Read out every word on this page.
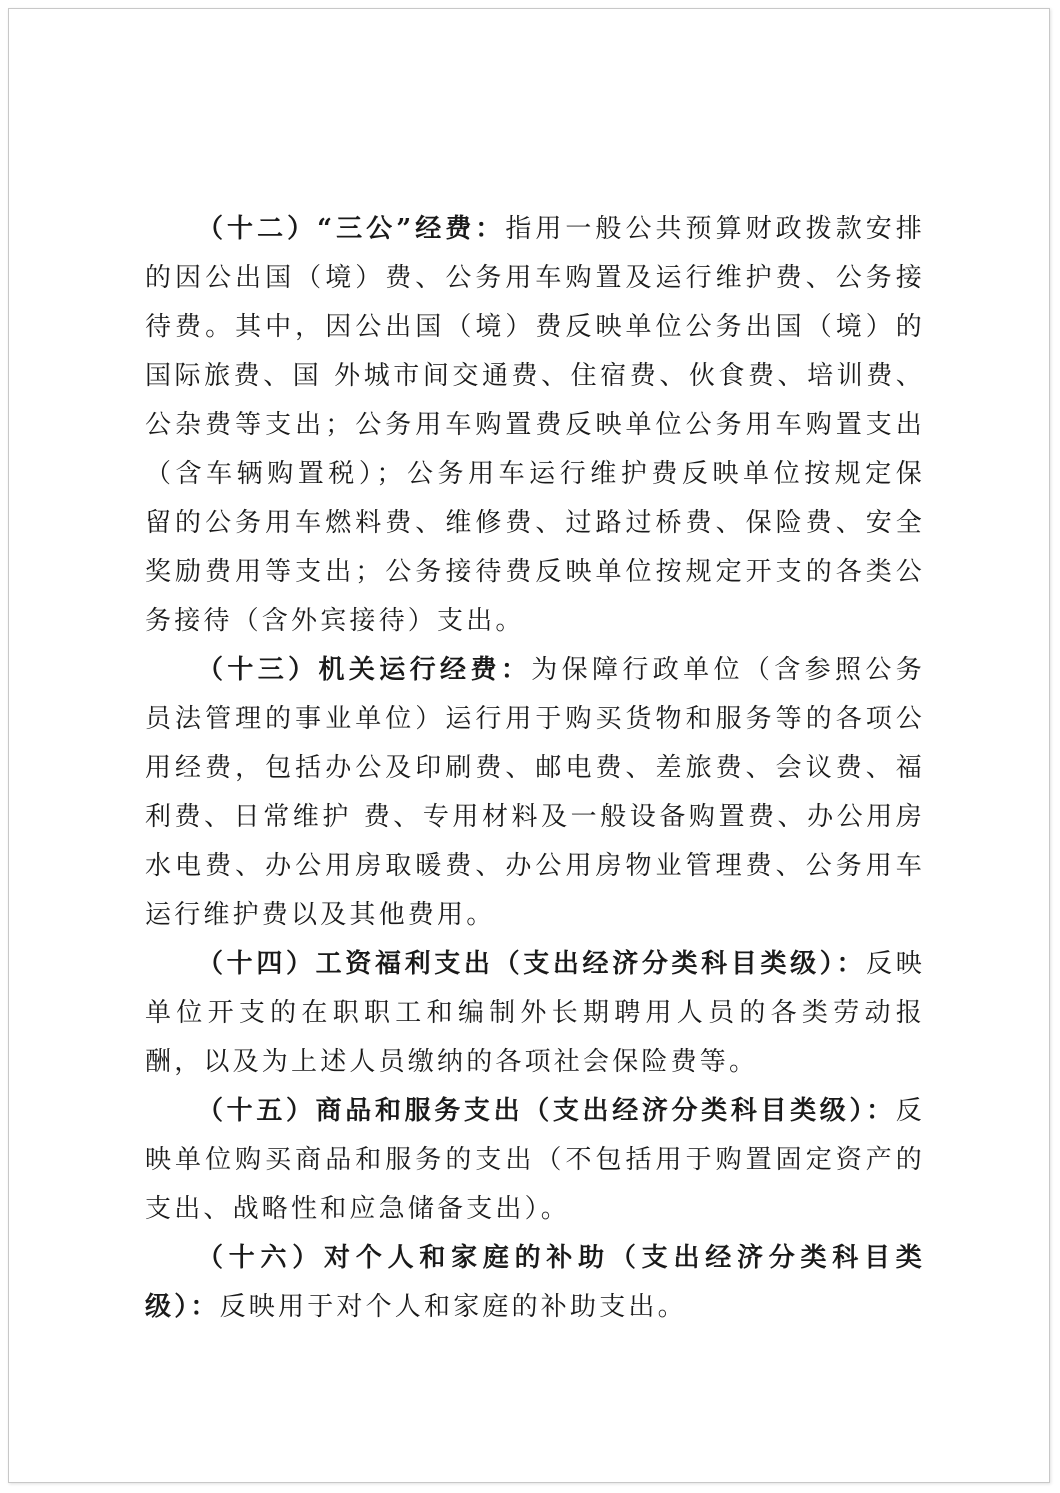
（十二）“三公”经费：指用一般公共预算财政拨款安排的因公出国（境）费、公务用车购置及运行维护费、公务接待费。其中，因公出国（境）费反映单位公务出国（境）的国际旅费、国 外城市间交通费、住宿费、伙食费、培训费、公杂费等支出；公务用车购置费反映单位公务用车购置支出（含车辆购置税）；公务用车运行维护费反映单位按规定保 留的公务用车燃料费、维修费、过路过桥费、保险费、安全奖励费用等支出；公务接待费反映单位按规定开支的各类公务接待（含外宾接待）支出。

（十三）机关运行经费：为保障行政单位（含参照公务员法管理的事业单位）运行用于购买货物和服务等的各项公用经费，包括办公及印刷费、邮电费、差旅费、会议费、福利费、日常维护 费、专用材料及一般设备购置费、办公用房水电费、办公用房取暖费、办公用房物业管理费、公务用车运行维护费以及其他费用。

（十四）工资福利支出（支出经济分类科目类级）：反映单位开支的在职职工和编制外长期聘用人员的各类劳动报酬，以及为上述人员缴纳的各项社会保险费等。

（十五）商品和服务支出（支出经济分类科目类级）：反映单位购买商品和服务的支出（不包括用于购置固定资产的支出、战略性和应急储备支出）。

（十六）对个人和家庭的补助（支出经济分类科目类级）：反映用于对个人和家庭的补助支出。
